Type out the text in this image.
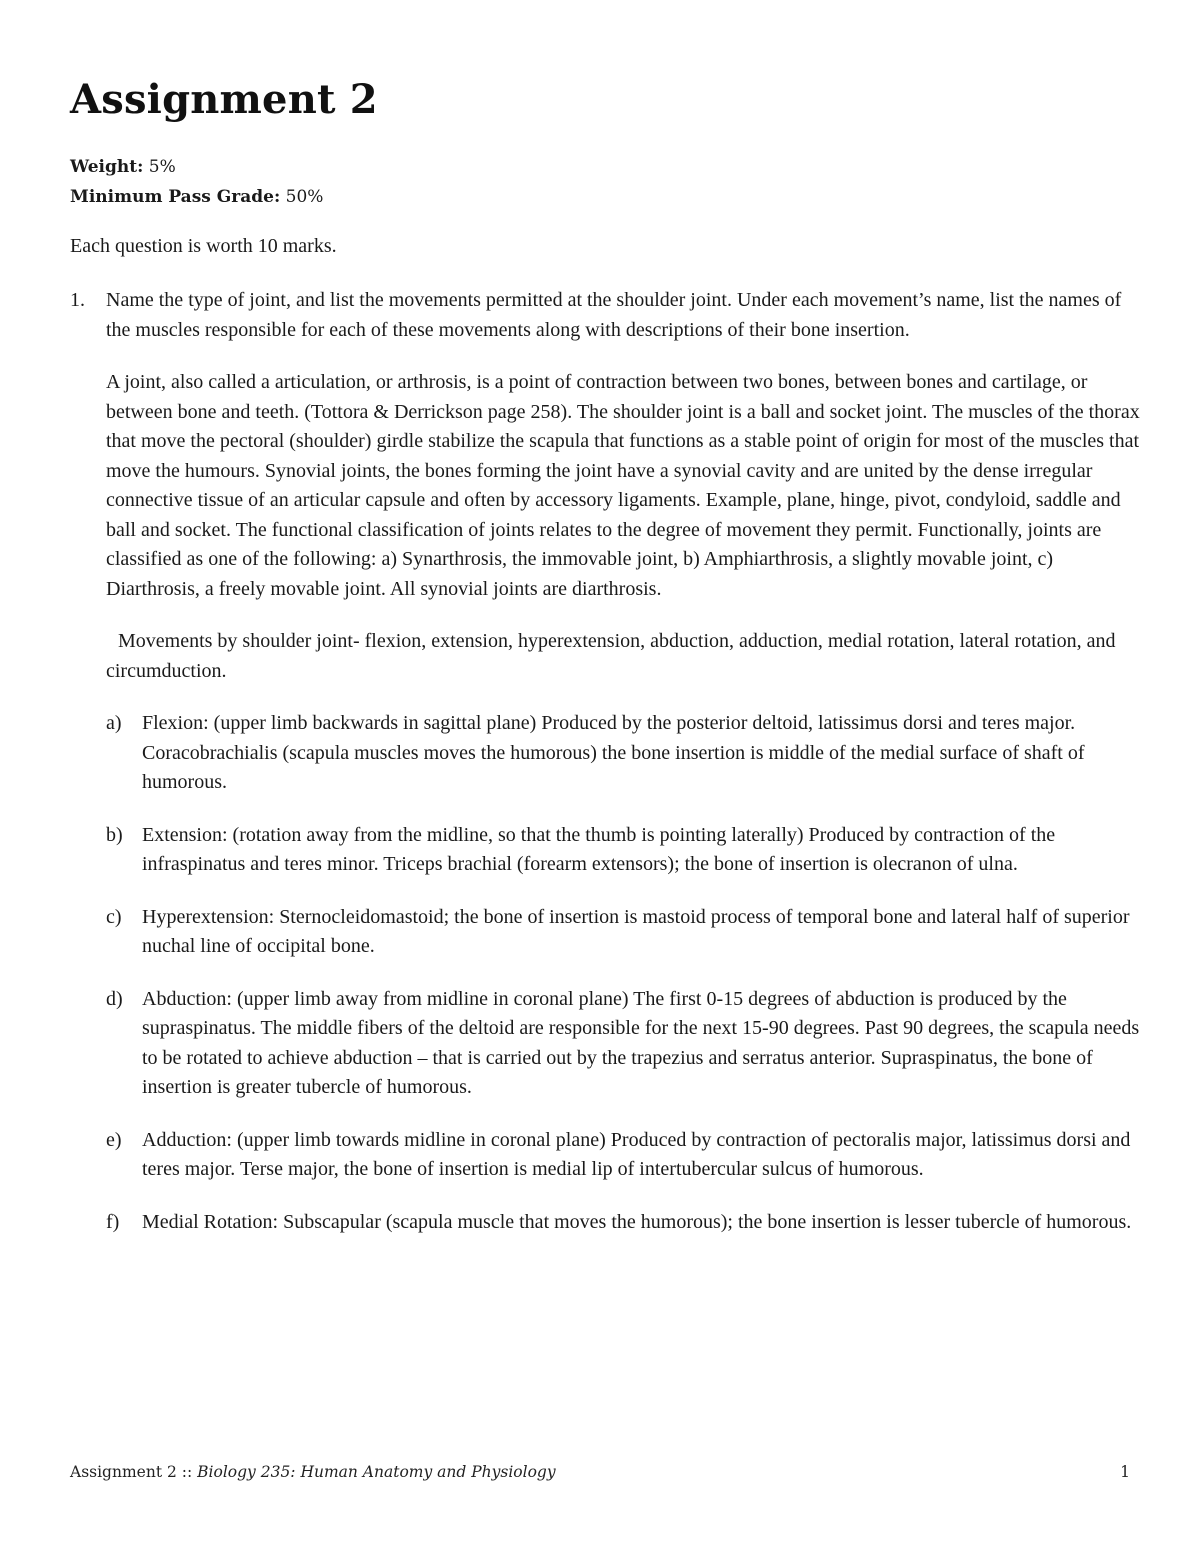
Assignment 2
Weight: 5%
Minimum Pass Grade: 50%

Each question is worth 10 marks.

1.	Name the type of joint, and list the movements permitted at the shoulder joint. Under each movement’s name, list the names of the muscles responsible for each of these movements along with descriptions of their bone insertion.

A joint, also called a articulation, or arthrosis, is a point of contraction between two bones, between bones and cartilage, or between bone and teeth. (Tottora & Derrickson page 258). The shoulder joint is a ball and socket joint. The muscles of the thorax that move the pectoral (shoulder) girdle stabilize the scapula that functions as a stable point of origin for most of the muscles that move the humours. Synovial joints, the bones forming the joint have a synovial cavity and are united by the dense irregular connective tissue of an articular capsule and often by accessory ligaments. Example, plane, hinge, pivot, condyloid, saddle and ball and socket. The functional classification of joints relates to the degree of movement they permit. Functionally, joints are classified as one of the following: a) Synarthrosis, the immovable joint, b) Amphiarthrosis, a slightly movable joint, c) Diarthrosis, a freely movable joint. All synovial joints are diarthrosis.

Movements by shoulder joint- flexion, extension, hyperextension, abduction, adduction, medial rotation, lateral rotation, and circumduction.

a)	Flexion: (upper limb backwards in sagittal plane) Produced by the posterior deltoid, latissimus dorsi and teres major. Coracobrachialis (scapula muscles moves the humorous) the bone insertion is middle of the medial surface of shaft of humorous.

b) Extension: (rotation away from the midline, so that the thumb is pointing laterally) Produced by contraction of the infraspinatus and teres minor. Triceps brachial (forearm extensors); the bone of insertion is olecranon of ulna.

c)	Hyperextension: Sternocleidomastoid; the bone of insertion is mastoid process of temporal bone and lateral half of superior nuchal line of occipital bone.

d) Abduction: (upper limb away from midline in coronal plane) The first 0-15 degrees of abduction is produced by the supraspinatus. The middle fibers of the deltoid are responsible for the next 15-90 degrees. Past 90 degrees, the scapula needs to be rotated to achieve abduction – that is carried out by the trapezius and serratus anterior. Supraspinatus, the bone of insertion is greater tubercle of humorous.

e)	Adduction: (upper limb towards midline in coronal plane) Produced by contraction of pectoralis major, latissimus dorsi and teres major. Terse major, the bone of insertion is medial lip of intertubercular sulcus of humorous.

f)	Medial Rotation: Subscapular (scapula muscle that moves the humorous); the bone insertion is lesser tubercle of humorous.

Assignment 2 :: Biology 235: Human Anatomy and Physiology	1
